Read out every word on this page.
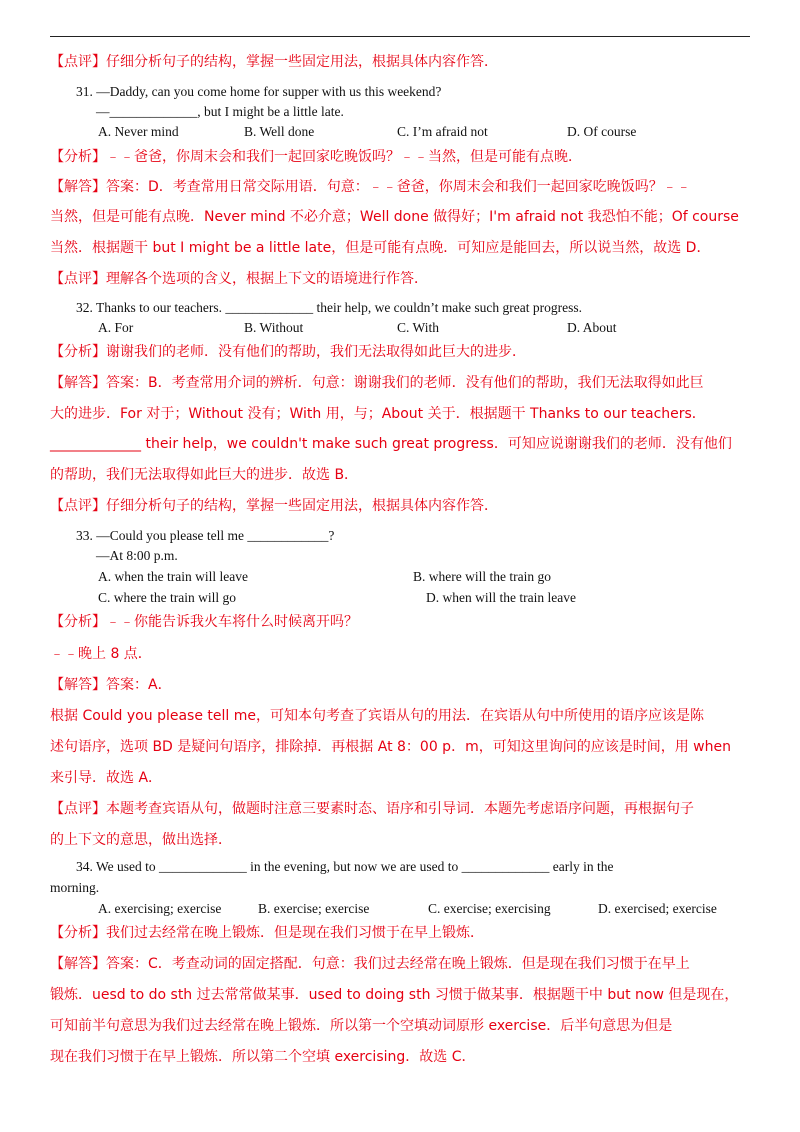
【点评】仔细分析句子的结构，掌握一些固定用法，根据具体内容作答．
31. —Daddy, can you come home for supper with us this weekend?
—_____________, but I might be a little late.
A. Never mind	B. Well done	C. I’m afraid not	D. Of course
【分析】﹣﹣爸爸，你周末会和我们一起回家吃晚饭吗？﹣﹣当然，但是可能有点晚．
【解答】答案：D．考查常用日常交际用语．句意：﹣﹣爸爸，你周末会和我们一起回家吃晚饭吗？﹣﹣
当然，但是可能有点晚．Never mind 不必介意；Well done 做得好；I'm afraid not 我恐怕不能；Of course
当然．根据题干 but I might be a little late，但是可能有点晚．可知应是能回去，所以说当然，故选 D．
【点评】理解各个选项的含义，根据上下文的语境进行作答．
32. Thanks to our teachers. _____________ their help, we couldn’t make such great progress.
A. For	B. Without	C. With	D. About
【分析】谢谢我们的老师．没有他们的帮助，我们无法取得如此巨大的进步．
【解答】答案：B．考查常用介词的辨析．句意：谢谢我们的老师．没有他们的帮助，我们无法取得如此巨
大的进步．For 对于；Without 没有；With 用，与；About 关于．根据题干 Thanks to our teachers．
_____________ their help，we couldn't make such great progress．可知应说谢谢我们的老师．没有他们
的帮助，我们无法取得如此巨大的进步．故选 B．
【点评】仔细分析句子的结构，掌握一些固定用法，根据具体内容作答．
33. —Could you please tell me ____________?
—At 8:00 p.m.
A. when the train will leave	B. where will the train go
C. where the train will go	D. when will the train leave
【分析】﹣﹣你能告诉我火车将什么时候离开吗？
﹣﹣晚上 8 点．
【解答】答案：A．
根据 Could you please tell me，可知本句考查了宾语从句的用法．在宾语从句中所使用的语序应该是陈
述句语序，选项 BD 是疑问句语序，排除掉．再根据 At 8：00 p．m，可知这里询问的应该是时间，用 when
来引导．故选 A．
【点评】本题考查宾语从句，做题时注意三要素时态、语序和引导词．本题先考虑语序问题，再根据句子
的上下文的意思，做出选择．
34. We used to _____________ in the evening, but now we are used to _____________ early in the
morning.
A. exercising; exercise	B. exercise; exercise	C. exercise; exercising	D. exercised; exercise
【分析】我们过去经常在晚上锻炼．但是现在我们习惯于在早上锻炼．
【解答】答案：C．考查动词的固定搭配．句意：我们过去经常在晚上锻炼．但是现在我们习惯于在早上
锻炼．uesd to do sth 过去常常做某事．used to doing sth 习惯于做某事．根据题干中 but now 但是现在，
可知前半句意思为我们过去经常在晚上锻炼．所以第一个空填动词原形 exercise．后半句意思为但是
现在我们习惯于在早上锻炼．所以第二个空填 exercising．故选 C．
